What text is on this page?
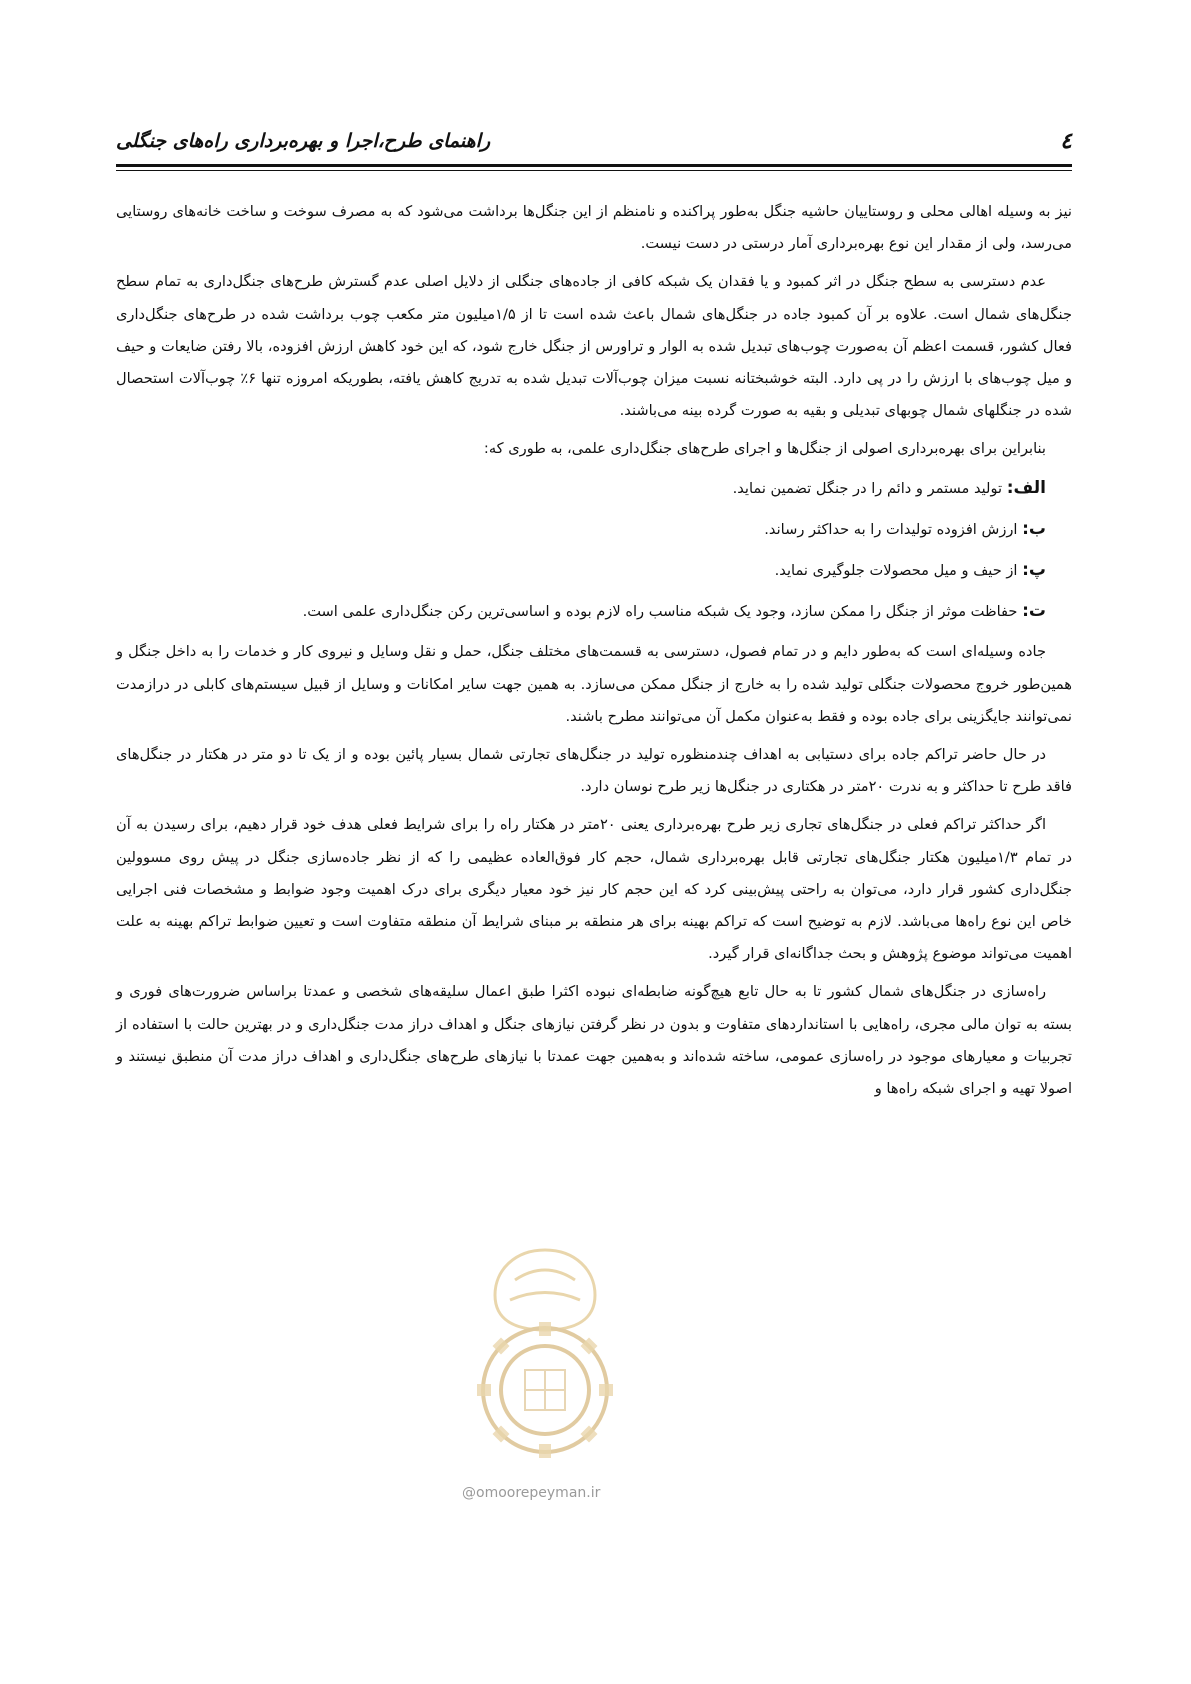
٤
راهنمای طرح،اجرا و بهره‌برداری راه‌های جنگلی

نیز به وسیله اهالی محلی و روستاییان حاشیه جنگل به‌طور پراکنده و نامنظم از این جنگل‌ها برداشت می‌شود که به مصرف سوخت و ساخت خانه‌های روستایی می‌رسد، ولی از مقدار این نوع بهره‌برداری آمار درستی در دست نیست.

عدم دسترسی به سطح جنگل در اثر کمبود و یا فقدان یک شبکه کافی از جاده‌های جنگلی از دلایل اصلی عدم گسترش طرح‌های جنگل‌داری به تمام سطح جنگل‌های شمال است. علاوه بر آن کمبود جاده در جنگل‌های شمال باعث شده است تا از ۱/۵میلیون متر مکعب چوب برداشت شده در طرح‌های جنگل‌داری فعال کشور، قسمت اعظم آن به‌صورت چوب‌های تبدیل شده به الوار و تراورس از جنگل خارج شود، که این خود کاهش ارزش افزوده، بالا رفتن ضایعات و حیف و میل چوب‌های با ارزش را در پی دارد. البته خوشبختانه نسبت میزان چوب‌آلات تبدیل شده به تدریج کاهش یافته، بطوریکه امروزه تنها ۶٪ چوب‌آلات استحصال شده در جنگلهای شمال چوبهای تبدیلی و بقیه به صورت گرده بینه می‌باشند.

بنابراین برای بهره‌برداری اصولی از جنگل‌ها و اجرای طرح‌های جنگل‌داری علمی، به طوری که:

الف: تولید مستمر و دائم را در جنگل تضمین نماید.

ب: ارزش افزوده تولیدات را به حداکثر رساند.

پ: از حیف و میل محصولات جلوگیری نماید.

ت: حفاظت موثر از جنگل را ممکن سازد، وجود یک شبکه مناسب راه لازم بوده و اساسی‌ترین رکن جنگل‌داری علمی است.

جاده وسیله‌ای است که به‌طور دایم و در تمام فصول، دسترسی به قسمت‌های مختلف جنگل، حمل و نقل وسایل و نیروی کار و خدمات را به داخل جنگل و همین‌طور خروج محصولات جنگلی تولید شده را به خارج از جنگل ممکن می‌سازد. به همین جهت سایر امکانات و وسایل از قبیل سیستم‌های کابلی در درازمدت نمی‌توانند جایگزینی برای جاده بوده و فقط به‌عنوان مکمل آن می‌توانند مطرح باشند.

در حال حاضر تراکم جاده برای دستیابی به اهداف چندمنظوره تولید در جنگل‌های تجارتی شمال بسیار پائین بوده و از یک تا دو متر در هکتار در جنگل‌های فاقد طرح تا حداکثر و به ندرت ۲۰متر در هکتاری در جنگل‌ها زیر طرح نوسان دارد.

اگر حداکثر تراکم فعلی در جنگل‌های تجاری زیر طرح بهره‌برداری یعنی ۲۰متر در هکتار راه را برای شرایط فعلی هدف خود قرار دهیم، برای رسیدن به آن در تمام ۱/۳میلیون هکتار جنگل‌های تجارتی قابل بهره‌برداری شمال، حجم کار فوق‌العاده عظیمی را که از نظر جاده‌سازی جنگل در پیش روی مسوولین جنگل‌داری کشور قرار دارد، می‌توان به راحتی پیش‌بینی کرد که این حجم کار نیز خود معیار دیگری برای درک اهمیت وجود ضوابط و مشخصات فنی اجرایی خاص این نوع راه‌ها می‌باشد. لازم به توضیح است که تراکم بهینه برای هر منطقه بر مبنای شرایط آن منطقه متفاوت است و تعیین ضوابط تراکم بهینه به علت اهمیت می‌تواند موضوع پژوهش و بحث جداگانه‌ای قرار گیرد.

راه‌سازی در جنگل‌های شمال کشور تا به حال تابع هیچ‌گونه ضابطه‌ای نبوده اکثرا طبق اعمال سلیقه‌های شخصی و عمدتا براساس ضرورت‌های فوری و بسته به توان مالی مجری، راه‌هایی با استانداردهای متفاوت و بدون در نظر گرفتن نیازهای جنگل و اهداف دراز مدت جنگل‌داری و در بهترین حالت با استفاده از تجربیات و معیارهای موجود در راه‌سازی عمومی، ساخته شده‌اند و به‌همین جهت عمدتا با نیازهای طرح‌های جنگل‌داری و اهداف دراز مدت آن منطبق نیستند و اصولا تهیه و اجرای شبکه راه‌ها و

@omoorepeyman.ir
